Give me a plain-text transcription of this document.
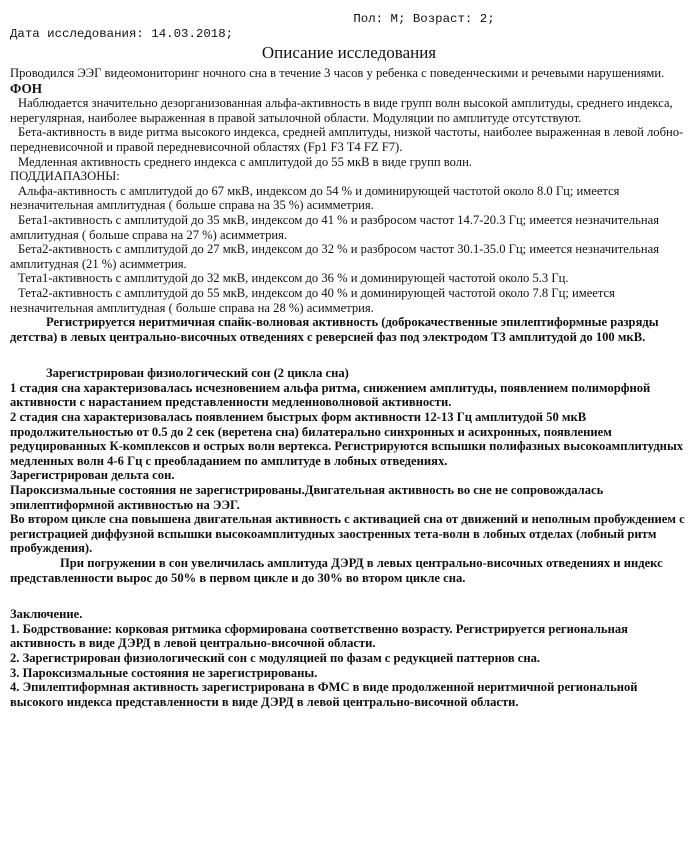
Пол: М; Возраст: 2;
Дата исследования: 14.03.2018;
Описание исследования

Проводился ЭЭГ видеомониторинг ночного сна в течение 3 часов у ребенка с поведенческими и речевыми нарушениями.

ФОН

Наблюдается значительно дезорганизованная альфа-активность в виде групп волн высокой амплитуды, среднего индекса, нерегулярная, наиболее выраженная в правой затылочной области. Модуляции по амплитуде отсутствуют.

Бета-активность в виде ритма высокого индекса, средней амплитуды, низкой частоты, наиболее выраженная в левой лобно-передневисочной и правой передневисочной областях (Fp1 F3 T4 FZ F7).

Медленная активность среднего индекса с амплитудой до 55 мкВ в виде групп волн.

ПОДДИАПАЗОНЫ:

Альфа-активность с амплитудой до 67 мкВ, индексом до 54 % и доминирующей частотой около 8.0 Гц; имеется незначительная амплитудная ( больше справа на 35 %) асимметрия.

Бета1-активность с амплитудой до 35 мкВ, индексом до 41 % и разбросом частот 14.7-20.3 Гц; имеется незначительная амплитудная ( больше справа на 27 %) асимметрия.

Бета2-активность с амплитудой до 27 мкВ, индексом до 32 % и разбросом частот 30.1-35.0 Гц; имеется незначительная амплитудная (21 %) асимметрия.

Тета1-активность с амплитудой до 32 мкВ, индексом до 36 % и доминирующей частотой около 5.3 Гц.

Тета2-активность с амплитудой до 55 мкВ, индексом до 40 % и доминирующей частотой около 7.8 Гц; имеется незначительная амплитудная ( больше справа на 28 %) асимметрия.

Регистрируется неритмичная спайк-волновая активность (доброкачественные эпилептиформные разряды детства) в левых центрально-височных отведениях с реверсией фаз под электродом Т3 амплитудой до 100 мкВ.

Зарегистрирован физиологический сон (2 цикла сна)

1 стадия сна характеризовалась исчезновением альфа ритма, снижением амплитуды, появлением полиморфной активности с нарастанием представленности медленноволновой активности.

2 стадия сна характеризовалась появлением быстрых форм активности 12-13 Гц амплитудой 50 мкВ продолжительностью от 0.5 до 2 сек (веретена сна) билатерально синхронных и асихронных, появлением редуцированных К-комплексов и острых волн вертекса. Регистрируются вспышки полифазных высокоамплитудных медленных волн 4-6 Гц с преобладанием по амплитуде в лобных отведениях.

Зарегистрирован дельта сон.

Пароксизмальные состояния не зарегистрированы.Двигательная активность во сне не сопровождалась эпилептиформной активностью на ЭЭГ.

Во втором цикле сна повышена двигательная активность с активацией сна от движений и неполным пробуждением с регистрацией диффузной вспышки высокоамплитудных заостренных тета-волн в лобных отделах (лобный ритм пробуждения).

При погружении в сон увеличилась амплитуда ДЭРД в левых центрально-височных отведениях и индекс представленности вырос до 50% в первом цикле и до 30% во втором цикле сна.

Заключение.

1. Бодрствование: корковая ритмика сформирована соответственно возрасту. Регистрируется региональная активность в виде ДЭРД в левой центрально-височной области.

2. Зарегистрирован физиологический сон с модуляцией по фазам с редукцией паттернов сна.

3. Пароксизмальные состояния не зарегистрированы.

4. Эпилептиформная активность зарегистрирована в ФМС в виде продолженной неритмичной региональной высокого индекса представленности в виде ДЭРД в левой центрально-височной области.
